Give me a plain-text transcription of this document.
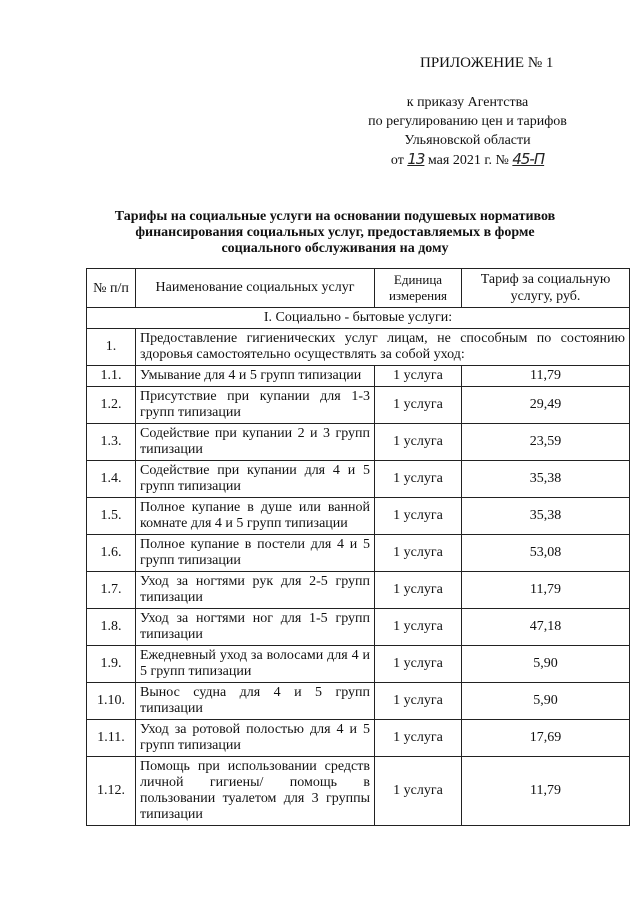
ПРИЛОЖЕНИЕ № 1
к приказу Агентства
по регулированию цен и тарифов
Ульяновской области
от 13 мая 2021 г. № 45-П
Тарифы на социальные услуги на основании подушевых нормативов
финансирования социальных услуг, предоставляемых в форме
социального обслуживания на дому
№ п/п	Наименование социальных услуг	Единица измерения	Тариф за социальную услугу, руб.
I. Социально - бытовые услуги:			
1.	Предоставление гигиенических услуг лицам, не способным по состоянию здоровья самостоятельно осуществлять за собой уход:		
1.1.	Умывание для 4 и 5 групп типизации	1 услуга	11,79
1.2.	Присутствие при купании для 1-3 групп типизации	1 услуга	29,49
1.3.	Содействие при купании 2 и 3 групп типизации	1 услуга	23,59
1.4.	Содействие при купании для 4 и 5 групп типизации	1 услуга	35,38
1.5.	Полное купание в душе или ванной комнате для 4 и 5 групп типизации	1 услуга	35,38
1.6.	Полное купание в постели для 4 и 5 групп типизации	1 услуга	53,08
1.7.	Уход за ногтями рук для 2-5 групп типизации	1 услуга	11,79
1.8.	Уход за ногтями ног для 1-5 групп типизации	1 услуга	47,18
1.9.	Ежедневный уход за волосами для 4 и 5 групп типизации	1 услуга	5,90
1.10.	Вынос судна для 4 и 5 групп типизации	1 услуга	5,90
1.11.	Уход за ротовой полостью для 4 и 5 групп типизации	1 услуга	17,69
1.12.	Помощь при использовании средств личной гигиены/ помощь в пользовании туалетом для 3 группы типизации	1 услуга	11,79
